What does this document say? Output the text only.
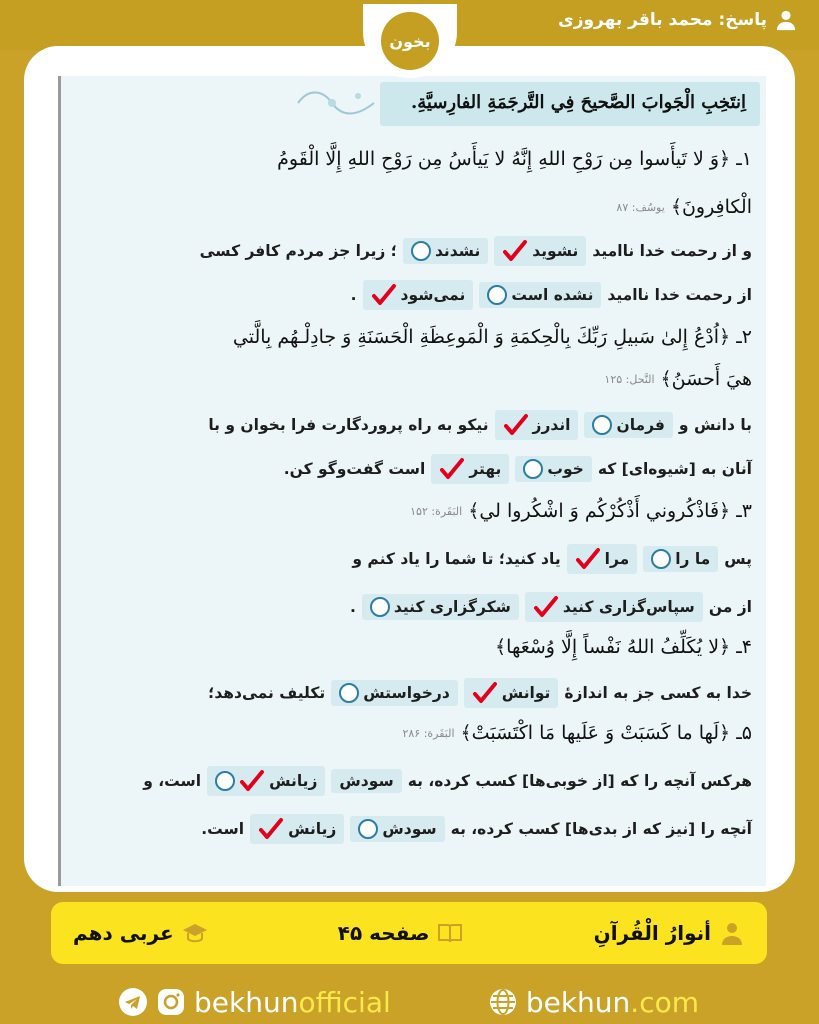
پاسخ: محمد باقر بهروزی
بخون
اِنتَخِبِ الْجَوابَ الصَّحیحَ فِي التَّرجَمَةِ الفارِسیَّةِ.
۱ـ ﴿وَ لا تَیأَسوا مِن رَوْحِ اللهِ إِنَّهُ لا یَیأَسُ مِن رَوْحِ اللهِ إِلَّا الْقَومُ
الْکافِرونَ﴾
یوسُف: ۸۷
و از رحمت خدا ناامید
نشوید
نشدند
؛ زیرا جز مردم کافر کسی
از رحمت خدا ناامید
نشده است
نمی‌شود
.
۲ـ ﴿اُدْعُ إِلیٰ سَبیلِ رَبِّكَ بِالْحِکمَةِ وَ الْمَوعِظَةِ الْحَسَنَةِ وَ جادِلْـهُم بِالَّتي
هيَ أَحسَنُ﴾
النَّحل: ۱۲۵
با دانش و
فرمان
اندرز
نیکو به راه پروردگارت فرا بخوان و با
آنان به [شیوه‌ای] که
خوب
بهتر
است گفت‌وگو کن.
۳ـ ﴿فَاذْکُروني أَذْکُرْکُم وَ اشْکُروا لي﴾
البَقَرة: ۱۵۲
پس
ما را
مرا
یاد کنید؛ تا شما را یاد کنم و
از من
سپاس‌گزاری کنید
شکرگزاری کنید
.
۴ـ ﴿لا یُکَلِّفُ اللهُ نَفْساً إِلَّا وُسْعَها﴾
خدا به کسی جز به اندازهٔ
توانش
درخواستش
تکلیف نمی‌دهد؛
۵ـ ﴿لَها ما کَسَبَتْ وَ عَلَیها مَا اکْتَسَبَتْ﴾
البَقَرة: ۲۸۶
هرکس آنچه را که [از خوبی‌ها] کسب کرده، به
سودش
زیانش
است، و
آنچه را [نیز که از بدی‌ها] کسب کرده، به
سودش
زیانش
است.
أنوارُ الْقُرآنِ
صفحه ۴۵
عربی دهم
bekhunofficial	bekhun.com
